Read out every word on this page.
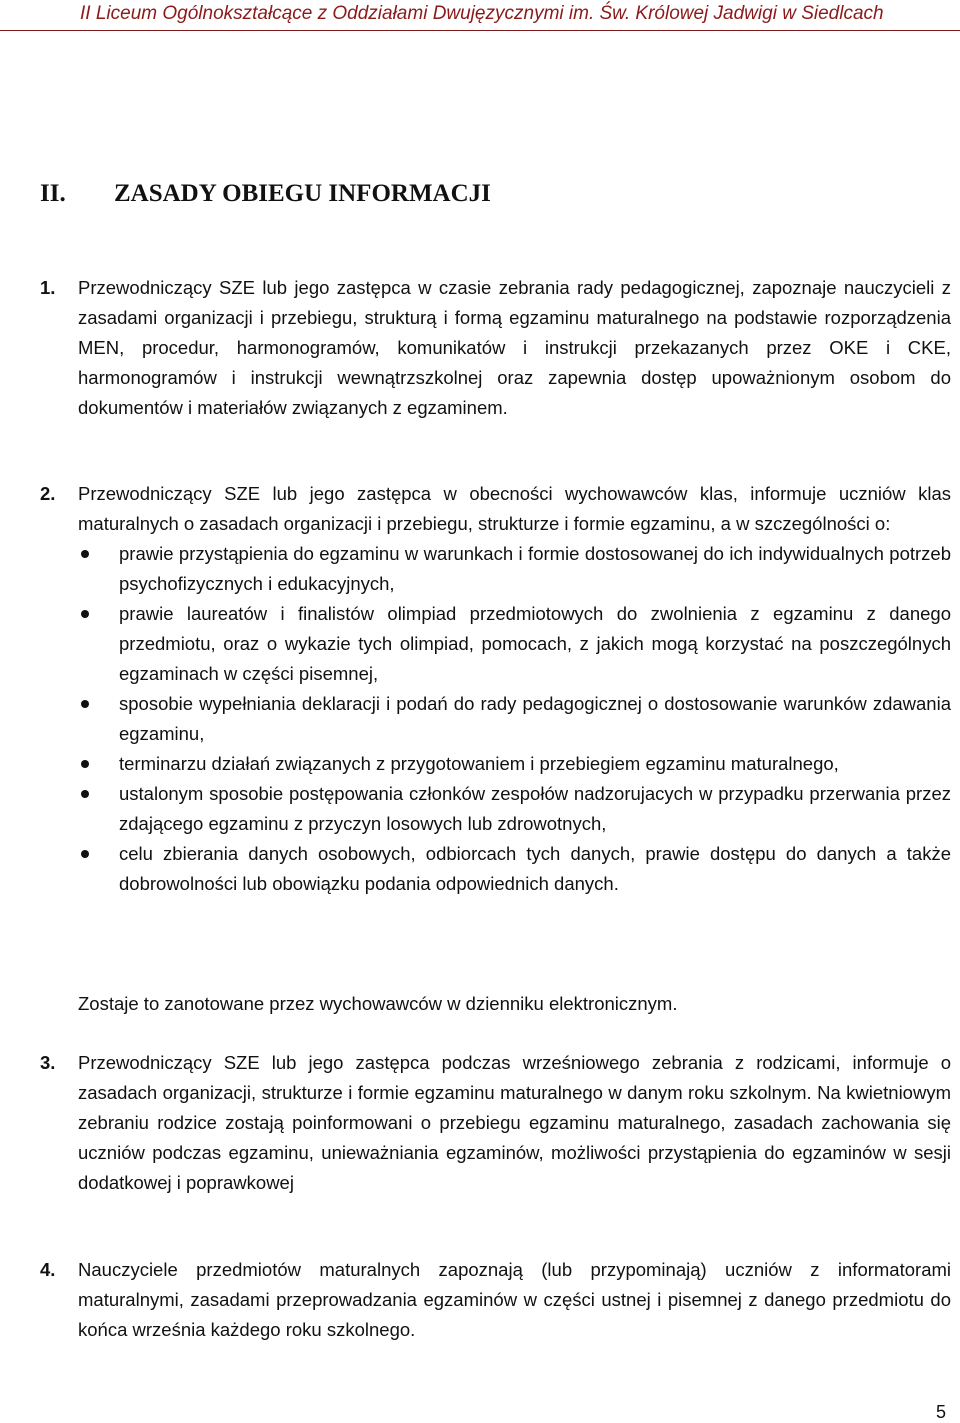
II Liceum Ogólnokształcące z Oddziałami Dwujęzycznymi im. Św. Królowej Jadwigi w Siedlcach
II. ZASADY OBIEGU INFORMACJI
1. Przewodniczący SZE lub jego zastępca w czasie zebrania rady pedagogicznej, zapoznaje nauczycieli z zasadami organizacji i przebiegu, strukturą i formą egzaminu maturalnego na podstawie rozporządzenia MEN, procedur, harmonogramów, komunikatów i instrukcji przekazanych przez OKE i CKE, harmonogramów i instrukcji wewnątrzszkolnej oraz zapewnia dostęp upoważnionym osobom do dokumentów i materiałów związanych z egzaminem.
2. Przewodniczący SZE lub jego zastępca w obecności wychowawców klas, informuje uczniów klas maturalnych o zasadach organizacji i przebiegu, strukturze i formie egzaminu, a w szczególności o:
prawie przystąpienia do egzaminu w warunkach i formie dostosowanej do ich indywidualnych potrzeb psychofizycznych i edukacyjnych,
prawie laureatów i finalistów olimpiad przedmiotowych do zwolnienia z egzaminu z danego przedmiotu, oraz o wykazie tych olimpiad, pomocach, z jakich mogą korzystać na poszczególnych egzaminach w części pisemnej,
sposobie wypełniania deklaracji i podań do rady pedagogicznej o dostosowanie warunków zdawania egzaminu,
terminarzu działań związanych z przygotowaniem i przebiegiem egzaminu maturalnego,
ustalonym sposobie postępowania członków zespołów nadzorujacych w przypadku przerwania przez zdającego egzaminu z przyczyn losowych lub zdrowotnych,
celu zbierania danych osobowych, odbiorcach tych danych, prawie dostępu do danych a także dobrowolności lub obowiązku podania odpowiednich danych.
Zostaje to zanotowane przez wychowawców w dzienniku elektronicznym.
3. Przewodniczący SZE lub jego zastępca podczas wrześniowego zebrania z rodzicami, informuje o zasadach organizacji, strukturze i formie egzaminu maturalnego w danym roku szkolnym. Na kwietniowym zebraniu rodzice zostają poinformowani o przebiegu egzaminu maturalnego, zasadach zachowania się uczniów podczas egzaminu, unieważniania egzaminów, możliwości przystąpienia do egzaminów w sesji dodatkowej i poprawkowej
4. Nauczyciele przedmiotów maturalnych zapoznają (lub przypominają) uczniów z informatorami maturalnymi, zasadami przeprowadzania egzaminów w części ustnej i pisemnej z danego przedmiotu do końca września każdego roku szkolnego.
5
